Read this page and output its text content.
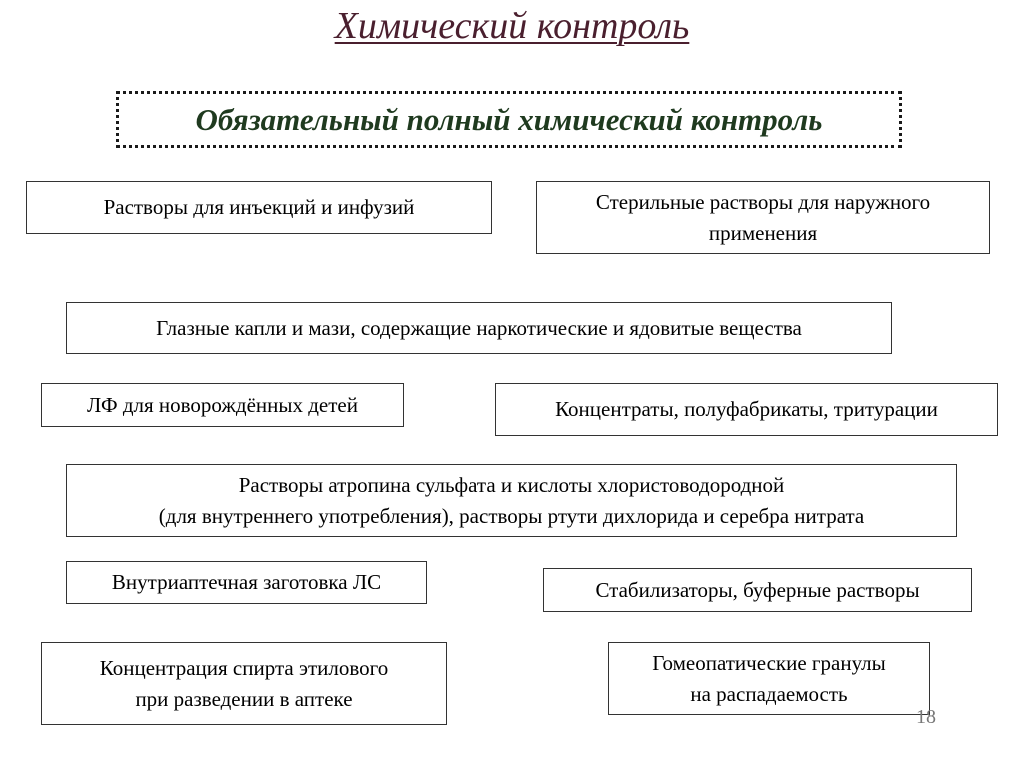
Химический контроль
Обязательный полный химический контроль
Растворы для инъекций и инфузий	Стерильные растворы для наружного
применения
Глазные капли и мази, содержащие наркотические и ядовитые вещества
ЛФ для новорождённых детей	Концентраты, полуфабрикаты, тритурации
Растворы атропина сульфата и кислоты хлористоводородной
(для внутреннего употребления), растворы ртути дихлорида и серебра нитрата
Внутриаптечная заготовка ЛС	Стабилизаторы, буферные растворы
Концентрация спирта этилового
при разведении в аптеке
Гомеопатические гранулы
на распадаемость
18
